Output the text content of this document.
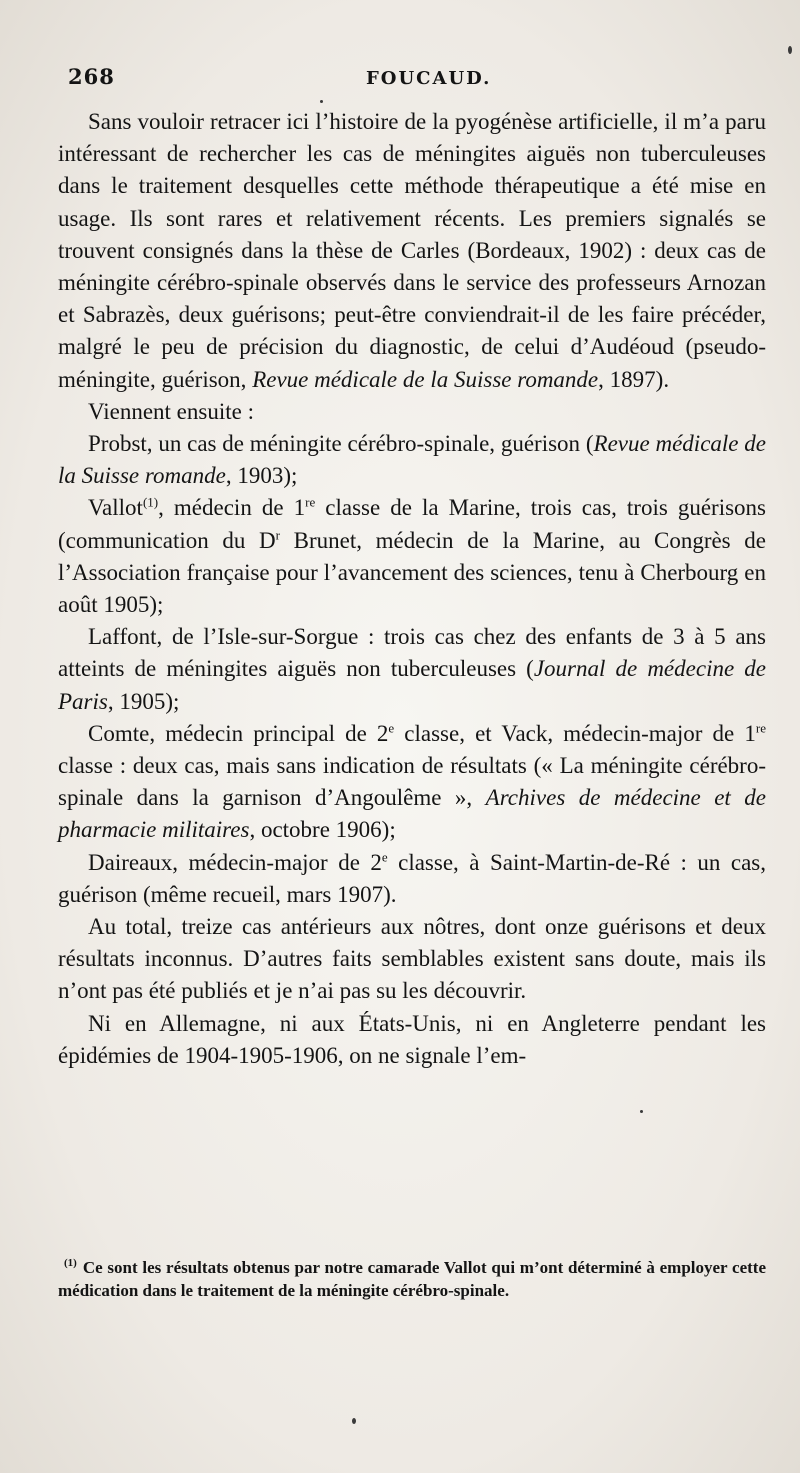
268	FOUCAUD.

Sans vouloir retracer ici l’histoire de la pyogénèse artificielle, il m’a paru intéressant de rechercher les cas de méningites aiguës non tuberculeuses dans le traitement desquelles cette méthode thérapeutique a été mise en usage. Ils sont rares et relativement récents. Les premiers signalés se trouvent consignés dans la thèse de Carles (Bordeaux, 1902) : deux cas de méningite cérébro-spinale observés dans le service des professeurs Arnozan et Sabrazès, deux guérisons; peut-être conviendrait-il de les faire précéder, malgré le peu de précision du diagnostic, de celui d’Audéoud (pseudo-méningite, guérison, Revue médicale de la Suisse romande, 1897).

Viennent ensuite :

Probst, un cas de méningite cérébro-spinale, guérison (Revue médicale de la Suisse romande, 1903);

Vallot$^{(1)}$, médecin de 1re classe de la Marine, trois cas, trois guérisons (communication du $D^r$ Brunet, médecin de la Marine, au Congrès de l’Association française pour l’avancement des sciences, tenu à Cherbourg en août 1905);

Laffont, de l’Isle-sur-Sorgue : trois cas chez des enfants de 3 à 5 ans atteints de méningites aiguës non tuberculeuses (Journal de médecine de Paris, 1905);

Comte, médecin principal de 2e classe, et Vack, médecin-major de 1re classe : deux cas, mais sans indication de résultats (« La méningite cérébro-spinale dans la garnison d’Angoulême », Archives de médecine et de pharmacie militaires, octobre 1906);

Daireaux, médecin-major de 2e classe, à Saint-Martin-de-Ré : un cas, guérison (même recueil, mars 1907).

Au total, treize cas antérieurs aux nôtres, dont onze guérisons et deux résultats inconnus. D’autres faits semblables existent sans doute, mais ils n’ont pas été publiés et je n’ai pas su les découvrir.

Ni en Allemagne, ni aux États-Unis, ni en Angleterre pendant les épidémies de 1904-1905-1906, on ne signale l’em-

$^{(1)}$ Ce sont les résultats obtenus par notre camarade Vallot qui m’ont déterminé à employer cette médication dans le traitement de la méningite cérébro-spinale.
